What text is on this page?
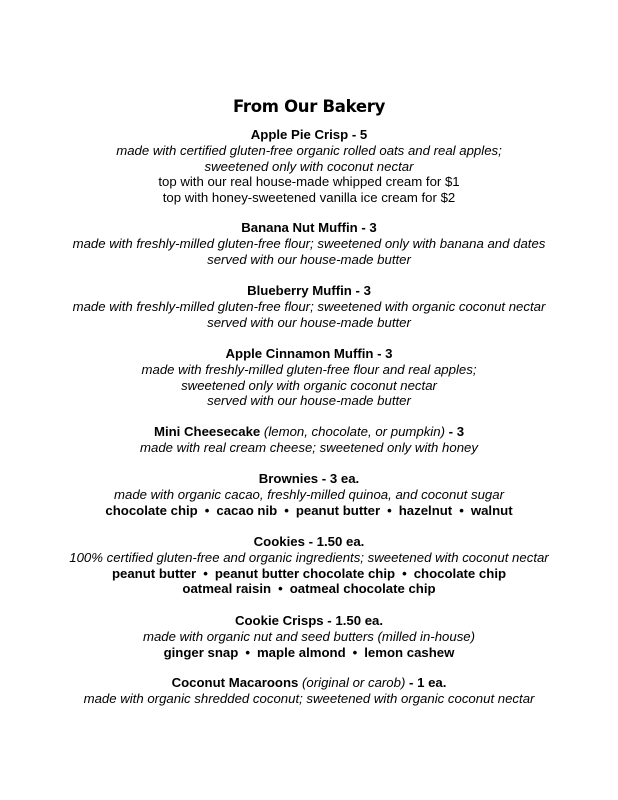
From Our Bakery
Apple Pie Crisp - 5
made with certified gluten-free organic rolled oats and real apples;
sweetened only with coconut nectar
top with our real house-made whipped cream for $1
top with honey-sweetened vanilla ice cream for $2
Banana Nut Muffin - 3
made with freshly-milled gluten-free flour; sweetened only with banana and dates
served with our house-made butter
Blueberry Muffin - 3
made with freshly-milled gluten-free flour; sweetened with organic coconut nectar
served with our house-made butter
Apple Cinnamon Muffin - 3
made with freshly-milled gluten-free flour and real apples;
sweetened only with organic coconut nectar
served with our house-made butter
Mini Cheesecake (lemon, chocolate, or pumpkin) - 3
made with real cream cheese; sweetened only with honey
Brownies - 3 ea.
made with organic cacao, freshly-milled quinoa, and coconut sugar
chocolate chip • cacao nib • peanut butter • hazelnut • walnut
Cookies - 1.50 ea.
100% certified gluten-free and organic ingredients; sweetened with coconut nectar
peanut butter • peanut butter chocolate chip • chocolate chip
oatmeal raisin • oatmeal chocolate chip
Cookie Crisps - 1.50 ea.
made with organic nut and seed butters (milled in-house)
ginger snap • maple almond • lemon cashew
Coconut Macaroons (original or carob) - 1 ea.
made with organic shredded coconut; sweetened with organic coconut nectar
